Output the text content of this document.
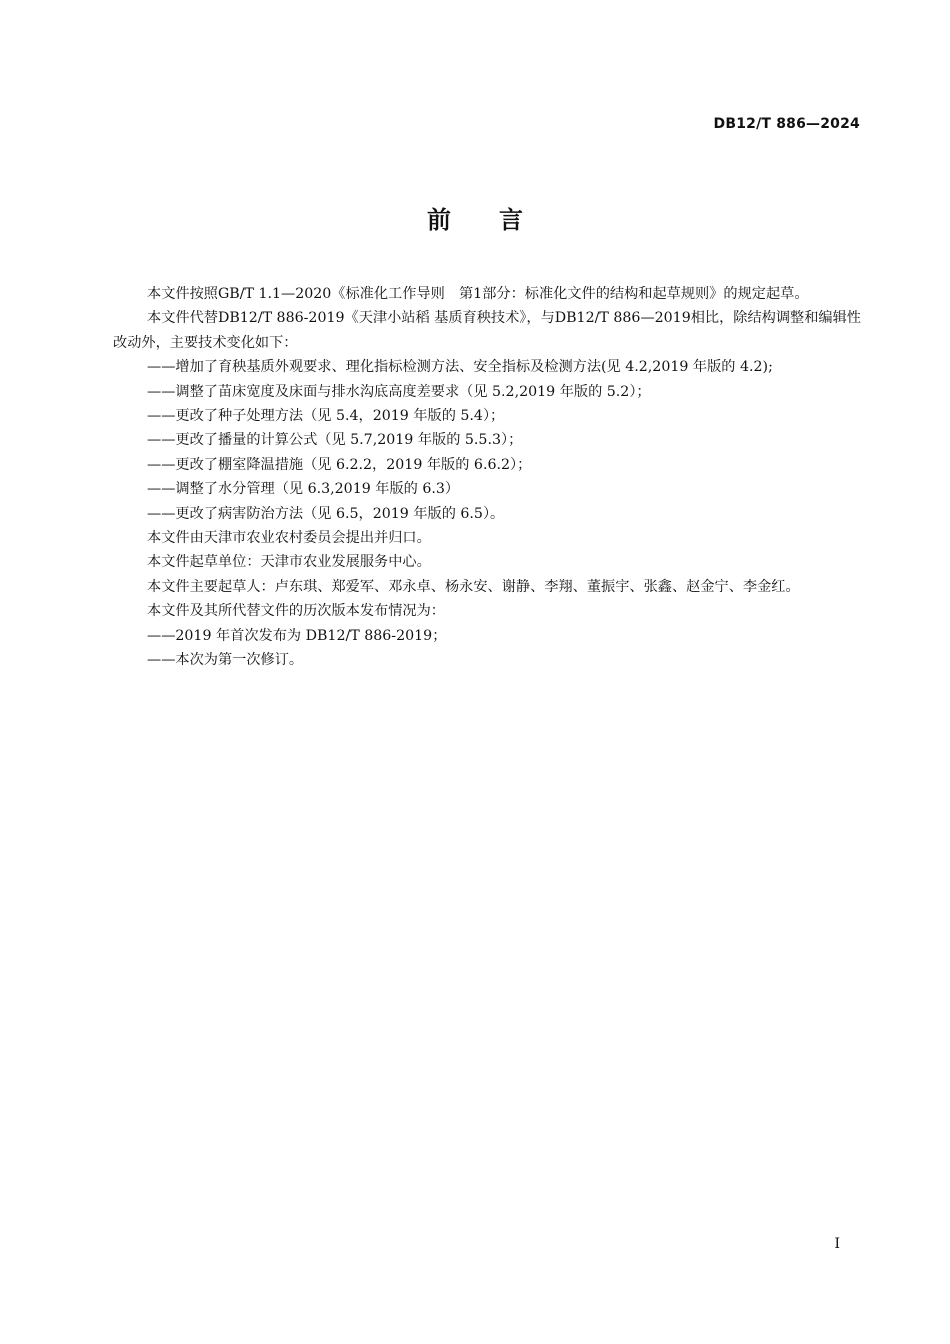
DB12/T 886—2024
前 言

本文件按照GB/T 1.1—2020《标准化工作导则　第1部分：标准化文件的结构和起草规则》的规定起草。

本文件代替DB12/T 886-2019《天津小站稻 基质育秧技术》，与DB12/T 886—2019相比，除结构调整和编辑性改动外，主要技术变化如下：

——增加了育秧基质外观要求、理化指标检测方法、安全指标及检测方法(见 4.2,2019 年版的 4.2);

——调整了苗床宽度及床面与排水沟底高度差要求（见 5.2,2019 年版的 5.2）；

——更改了种子处理方法（见 5.4，2019 年版的 5.4）；

——更改了播量的计算公式（见 5.7,2019 年版的 5.5.3）；

——更改了棚室降温措施（见 6.2.2，2019 年版的 6.6.2）；

——调整了水分管理（见 6.3,2019 年版的 6.3）

——更改了病害防治方法（见 6.5，2019 年版的 6.5）。

本文件由天津市农业农村委员会提出并归口。

本文件起草单位：天津市农业发展服务中心。

本文件主要起草人：卢东琪、郑爱军、邓永卓、杨永安、谢静、李翔、董振宇、张鑫、赵金宁、李金红。

本文件及其所代替文件的历次版本发布情况为：

——2019 年首次发布为 DB12/T 886-2019；

——本次为第一次修订。

I
